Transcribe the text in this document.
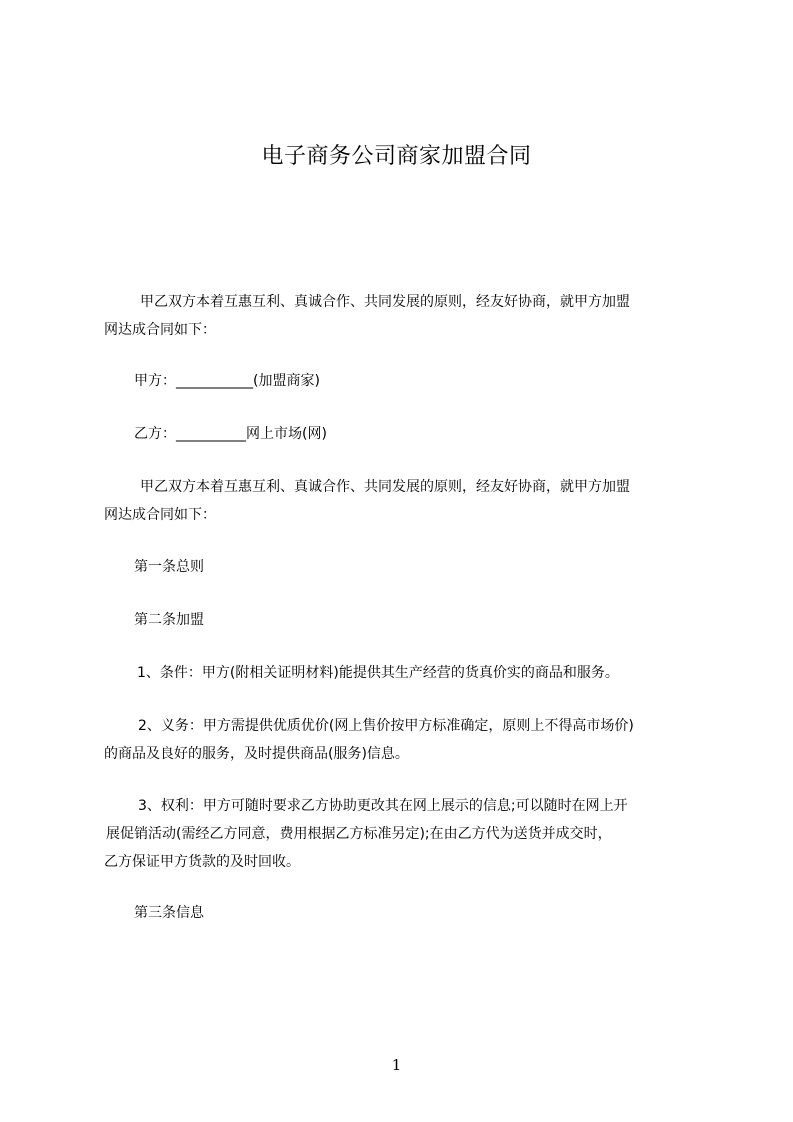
电子商务公司商家加盟合同
甲乙双方本着互惠互利、真诚合作、共同发展的原则，经友好协商，就甲方加盟
网达成合同如下：
甲方：___________(加盟商家)
乙方：__________网上市场(网)
甲乙双方本着互惠互利、真诚合作、共同发展的原则，经友好协商，就甲方加盟
网达成合同如下：
第一条总则
第二条加盟
1、条件：甲方(附相关证明材料)能提供其生产经营的货真价实的商品和服务。
2、义务：甲方需提供优质优价(网上售价按甲方标准确定，原则上不得高市场价)
的商品及良好的服务，及时提供商品(服务)信息。
3、权利：甲方可随时要求乙方协助更改其在网上展示的信息;可以随时在网上开
展促销活动(需经乙方同意，费用根据乙方标准另定);在由乙方代为送货并成交时，
乙方保证甲方货款的及时回收。
第三条信息
1
